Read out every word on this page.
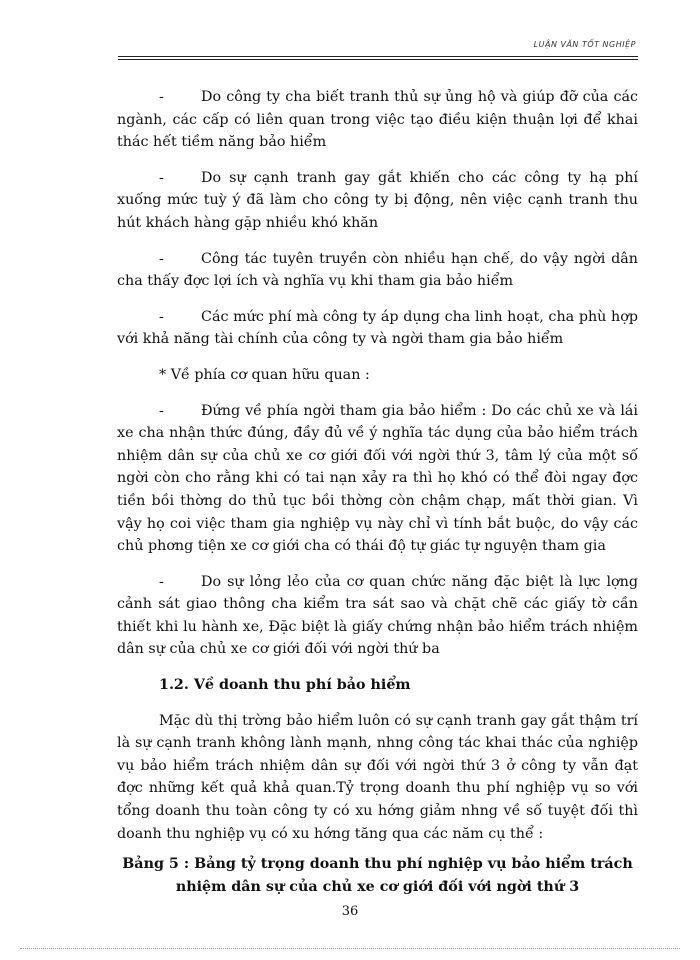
LUẬN VĂN TỐT NGHIỆP

-	Do công ty cha biết tranh thủ sự ủng hộ và giúp đỡ của các ngành, các cấp có liên quan trong việc tạo điều kiện thuận lợi để khai thác hết tiềm năng bảo hiểm

-	Do sự cạnh tranh gay gắt khiến cho các công ty hạ phí xuống mức tuỳ ý đã làm cho công ty bị động, nên việc cạnh tranh thu hút khách hàng gặp nhiều khó khăn

-	Công tác tuyên truyền còn nhiều hạn chế, do vậy ngời dân cha thấy đợc lợi ích và nghĩa vụ khi tham gia bảo hiểm

-	Các mức phí mà công ty áp dụng cha linh hoạt, cha phù hợp với khả năng tài chính của công ty và ngời tham gia bảo hiểm

* Về phía cơ quan hữu quan :

-	Đứng về phía ngời tham gia bảo hiểm : Do các chủ xe và lái xe cha nhận thức đúng, đầy đủ về ý nghĩa tác dụng của bảo hiểm trách nhiệm dân sự của chủ xe cơ giới đối với ngời thứ 3, tâm lý của một số ngời còn cho rằng khi có tai nạn xảy ra thì họ khó có thể đòi ngay đợc tiền bồi thờng do thủ tục bồi thờng còn chậm chạp, mất thời gian. Vì vậy họ coi việc tham gia nghiệp vụ này chỉ vì tính bắt buộc, do vậy các chủ phơng tiện xe cơ giới cha có thái độ tự giác tự nguyện tham gia

-	Do sự lỏng lẻo của cơ quan chức năng đặc biệt là lực lợng cảnh sát giao thông cha kiểm tra sát sao và chặt chẽ các giấy tờ cần thiết khi lu hành xe, Đặc biệt là giấy chứng nhận bảo hiểm trách nhiệm dân sự của chủ xe cơ giới đối với ngời thứ ba

1.2. Về doanh thu phí bảo hiểm

Mặc dù thị trờng bảo hiểm luôn có sự cạnh tranh gay gắt thậm trí là sự cạnh tranh không lành mạnh, nhng công tác khai thác của nghiệp vụ bảo hiểm trách nhiệm dân sự đối với ngời thứ 3 ở công ty vẫn đạt đợc những kết quả khả quan.Tỷ trọng doanh thu phí nghiệp vụ so với tổng doanh thu toàn công ty có xu hớng giảm nhng về số tuyệt đối thì doanh thu nghiệp vụ có xu hớng tăng qua các năm cụ thể :

Bảng 5 : Bảng tỷ trọng doanh thu phí nghiệp vụ bảo hiểm trách nhiệm dân sự của chủ xe cơ giới đối với ngời thứ 3

36
